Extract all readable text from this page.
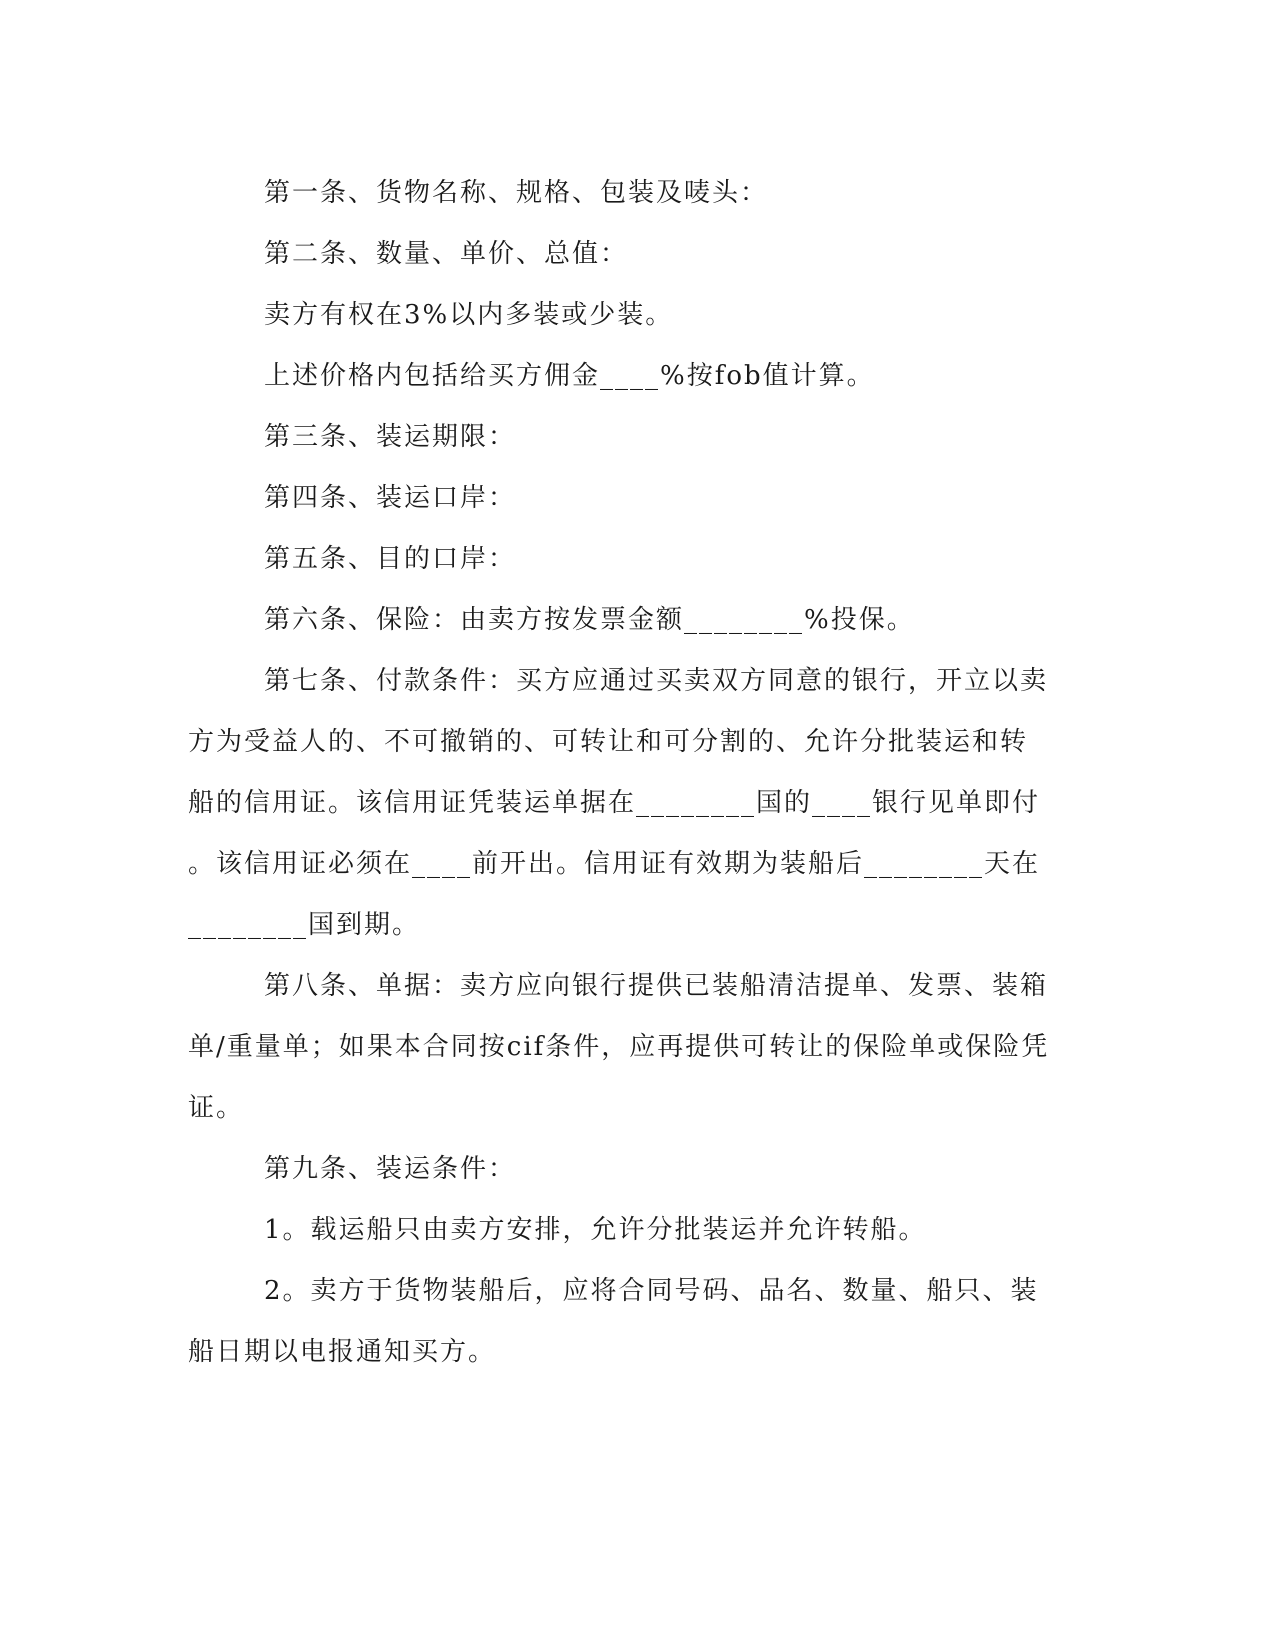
第一条、货物名称、规格、包装及唛头：

第二条、数量、单价、总值：

卖方有权在3%以内多装或少装。

上述价格内包括给买方佣金____%按fob值计算。

第三条、装运期限：

第四条、装运口岸：

第五条、目的口岸：

第六条、保险：由卖方按发票金额________%投保。

第七条、付款条件：买方应通过买卖双方同意的银行，开立以卖

方为受益人的、不可撤销的、可转让和可分割的、允许分批装运和转

船的信用证。该信用证凭装运单据在________国的____银行见单即付

。该信用证必须在____前开出。信用证有效期为装船后________天在

________国到期。

第八条、单据：卖方应向银行提供已装船清洁提单、发票、装箱

单/重量单；如果本合同按cif条件，应再提供可转让的保险单或保险凭

证。

第九条、装运条件：

1。载运船只由卖方安排，允许分批装运并允许转船。

2。卖方于货物装船后，应将合同号码、品名、数量、船只、装

船日期以电报通知买方。
